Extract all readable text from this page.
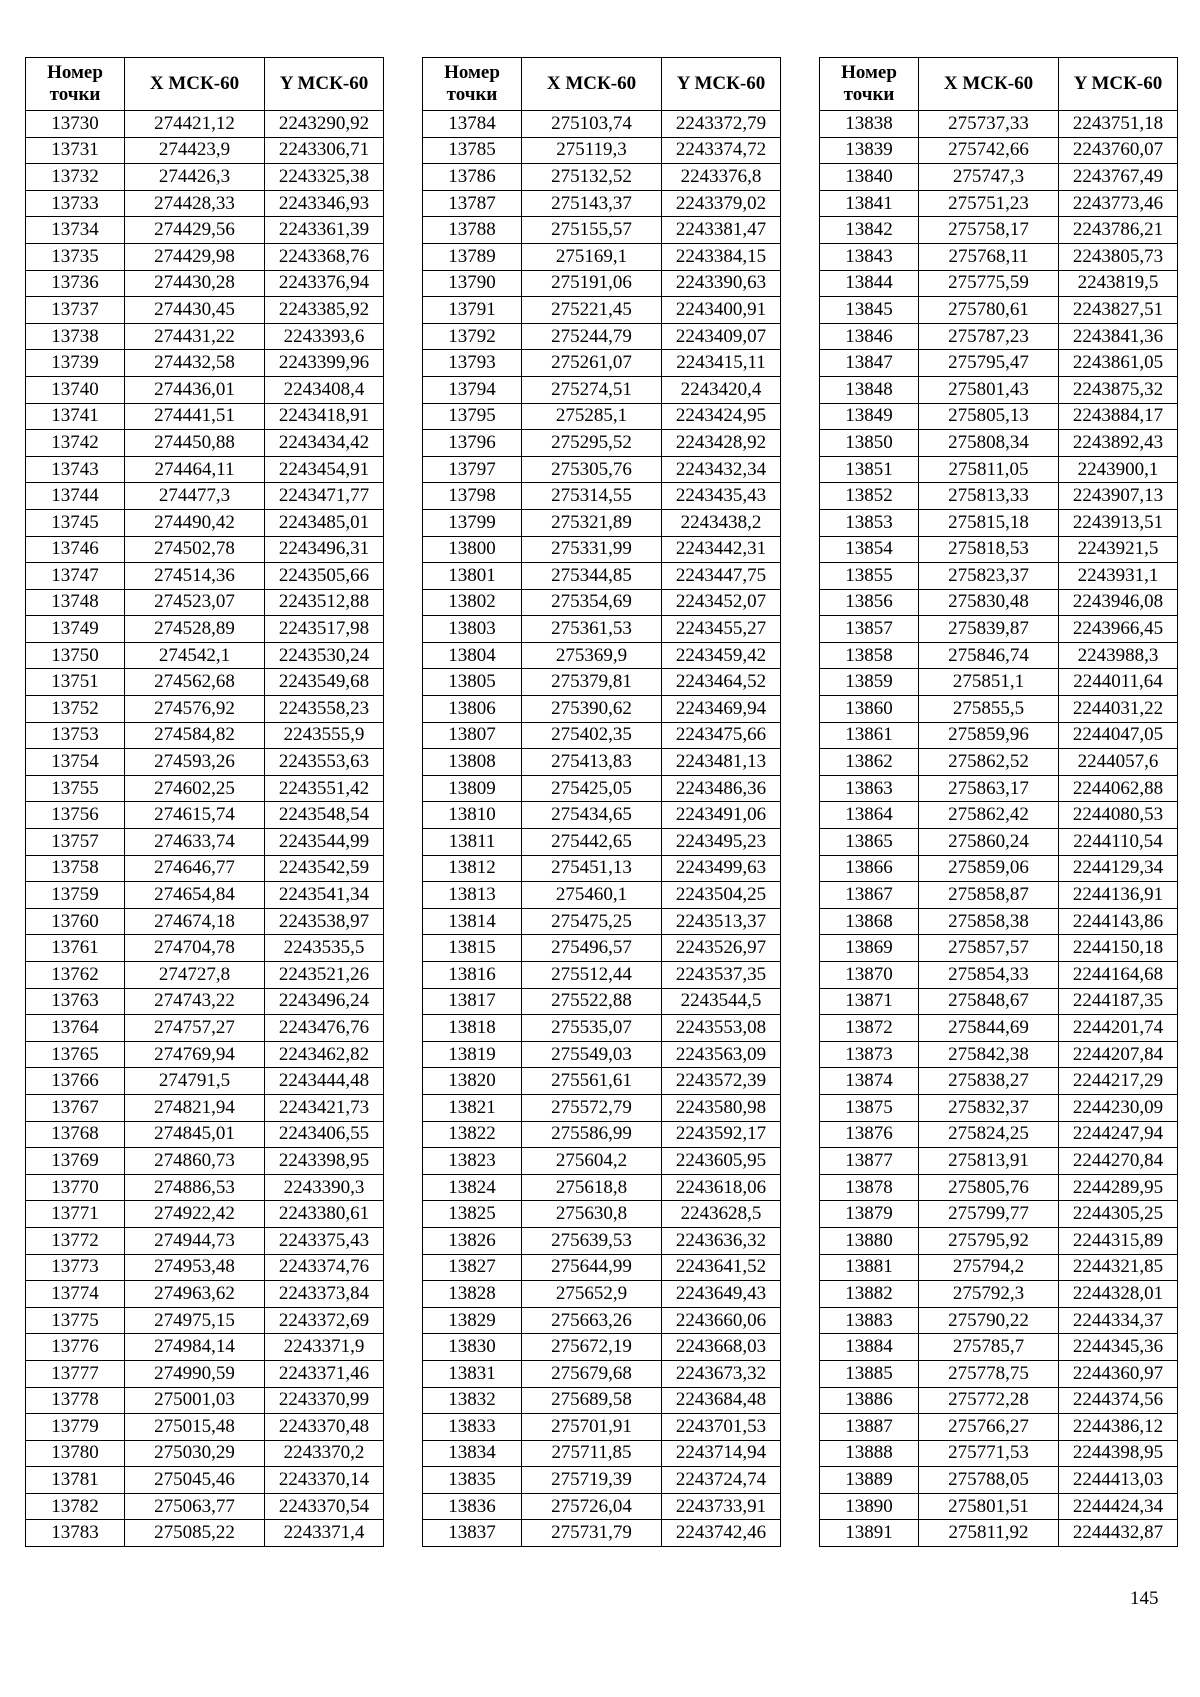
Номер точки	X МСК-60	Y МСК-60
13730	274421,12	2243290,92
13731	274423,9	2243306,71
13732	274426,3	2243325,38
13733	274428,33	2243346,93
13734	274429,56	2243361,39
13735	274429,98	2243368,76
13736	274430,28	2243376,94
13737	274430,45	2243385,92
13738	274431,22	2243393,6
13739	274432,58	2243399,96
13740	274436,01	2243408,4
13741	274441,51	2243418,91
13742	274450,88	2243434,42
13743	274464,11	2243454,91
13744	274477,3	2243471,77
13745	274490,42	2243485,01
13746	274502,78	2243496,31
13747	274514,36	2243505,66
13748	274523,07	2243512,88
13749	274528,89	2243517,98
13750	274542,1	2243530,24
13751	274562,68	2243549,68
13752	274576,92	2243558,23
13753	274584,82	2243555,9
13754	274593,26	2243553,63
13755	274602,25	2243551,42
13756	274615,74	2243548,54
13757	274633,74	2243544,99
13758	274646,77	2243542,59
13759	274654,84	2243541,34
13760	274674,18	2243538,97
13761	274704,78	2243535,5
13762	274727,8	2243521,26
13763	274743,22	2243496,24
13764	274757,27	2243476,76
13765	274769,94	2243462,82
13766	274791,5	2243444,48
13767	274821,94	2243421,73
13768	274845,01	2243406,55
13769	274860,73	2243398,95
13770	274886,53	2243390,3
13771	274922,42	2243380,61
13772	274944,73	2243375,43
13773	274953,48	2243374,76
13774	274963,62	2243373,84
13775	274975,15	2243372,69
13776	274984,14	2243371,9
13777	274990,59	2243371,46
13778	275001,03	2243370,99
13779	275015,48	2243370,48
13780	275030,29	2243370,2
13781	275045,46	2243370,14
13782	275063,77	2243370,54
13783	275085,22	2243371,4
Номер точки	X МСК-60	Y МСК-60
13784	275103,74	2243372,79
13785	275119,3	2243374,72
13786	275132,52	2243376,8
13787	275143,37	2243379,02
13788	275155,57	2243381,47
13789	275169,1	2243384,15
13790	275191,06	2243390,63
13791	275221,45	2243400,91
13792	275244,79	2243409,07
13793	275261,07	2243415,11
13794	275274,51	2243420,4
13795	275285,1	2243424,95
13796	275295,52	2243428,92
13797	275305,76	2243432,34
13798	275314,55	2243435,43
13799	275321,89	2243438,2
13800	275331,99	2243442,31
13801	275344,85	2243447,75
13802	275354,69	2243452,07
13803	275361,53	2243455,27
13804	275369,9	2243459,42
13805	275379,81	2243464,52
13806	275390,62	2243469,94
13807	275402,35	2243475,66
13808	275413,83	2243481,13
13809	275425,05	2243486,36
13810	275434,65	2243491,06
13811	275442,65	2243495,23
13812	275451,13	2243499,63
13813	275460,1	2243504,25
13814	275475,25	2243513,37
13815	275496,57	2243526,97
13816	275512,44	2243537,35
13817	275522,88	2243544,5
13818	275535,07	2243553,08
13819	275549,03	2243563,09
13820	275561,61	2243572,39
13821	275572,79	2243580,98
13822	275586,99	2243592,17
13823	275604,2	2243605,95
13824	275618,8	2243618,06
13825	275630,8	2243628,5
13826	275639,53	2243636,32
13827	275644,99	2243641,52
13828	275652,9	2243649,43
13829	275663,26	2243660,06
13830	275672,19	2243668,03
13831	275679,68	2243673,32
13832	275689,58	2243684,48
13833	275701,91	2243701,53
13834	275711,85	2243714,94
13835	275719,39	2243724,74
13836	275726,04	2243733,91
13837	275731,79	2243742,46
Номер точки	X МСК-60	Y МСК-60
13838	275737,33	2243751,18
13839	275742,66	2243760,07
13840	275747,3	2243767,49
13841	275751,23	2243773,46
13842	275758,17	2243786,21
13843	275768,11	2243805,73
13844	275775,59	2243819,5
13845	275780,61	2243827,51
13846	275787,23	2243841,36
13847	275795,47	2243861,05
13848	275801,43	2243875,32
13849	275805,13	2243884,17
13850	275808,34	2243892,43
13851	275811,05	2243900,1
13852	275813,33	2243907,13
13853	275815,18	2243913,51
13854	275818,53	2243921,5
13855	275823,37	2243931,1
13856	275830,48	2243946,08
13857	275839,87	2243966,45
13858	275846,74	2243988,3
13859	275851,1	2244011,64
13860	275855,5	2244031,22
13861	275859,96	2244047,05
13862	275862,52	2244057,6
13863	275863,17	2244062,88
13864	275862,42	2244080,53
13865	275860,24	2244110,54
13866	275859,06	2244129,34
13867	275858,87	2244136,91
13868	275858,38	2244143,86
13869	275857,57	2244150,18
13870	275854,33	2244164,68
13871	275848,67	2244187,35
13872	275844,69	2244201,74
13873	275842,38	2244207,84
13874	275838,27	2244217,29
13875	275832,37	2244230,09
13876	275824,25	2244247,94
13877	275813,91	2244270,84
13878	275805,76	2244289,95
13879	275799,77	2244305,25
13880	275795,92	2244315,89
13881	275794,2	2244321,85
13882	275792,3	2244328,01
13883	275790,22	2244334,37
13884	275785,7	2244345,36
13885	275778,75	2244360,97
13886	275772,28	2244374,56
13887	275766,27	2244386,12
13888	275771,53	2244398,95
13889	275788,05	2244413,03
13890	275801,51	2244424,34
13891	275811,92	2244432,87
145
